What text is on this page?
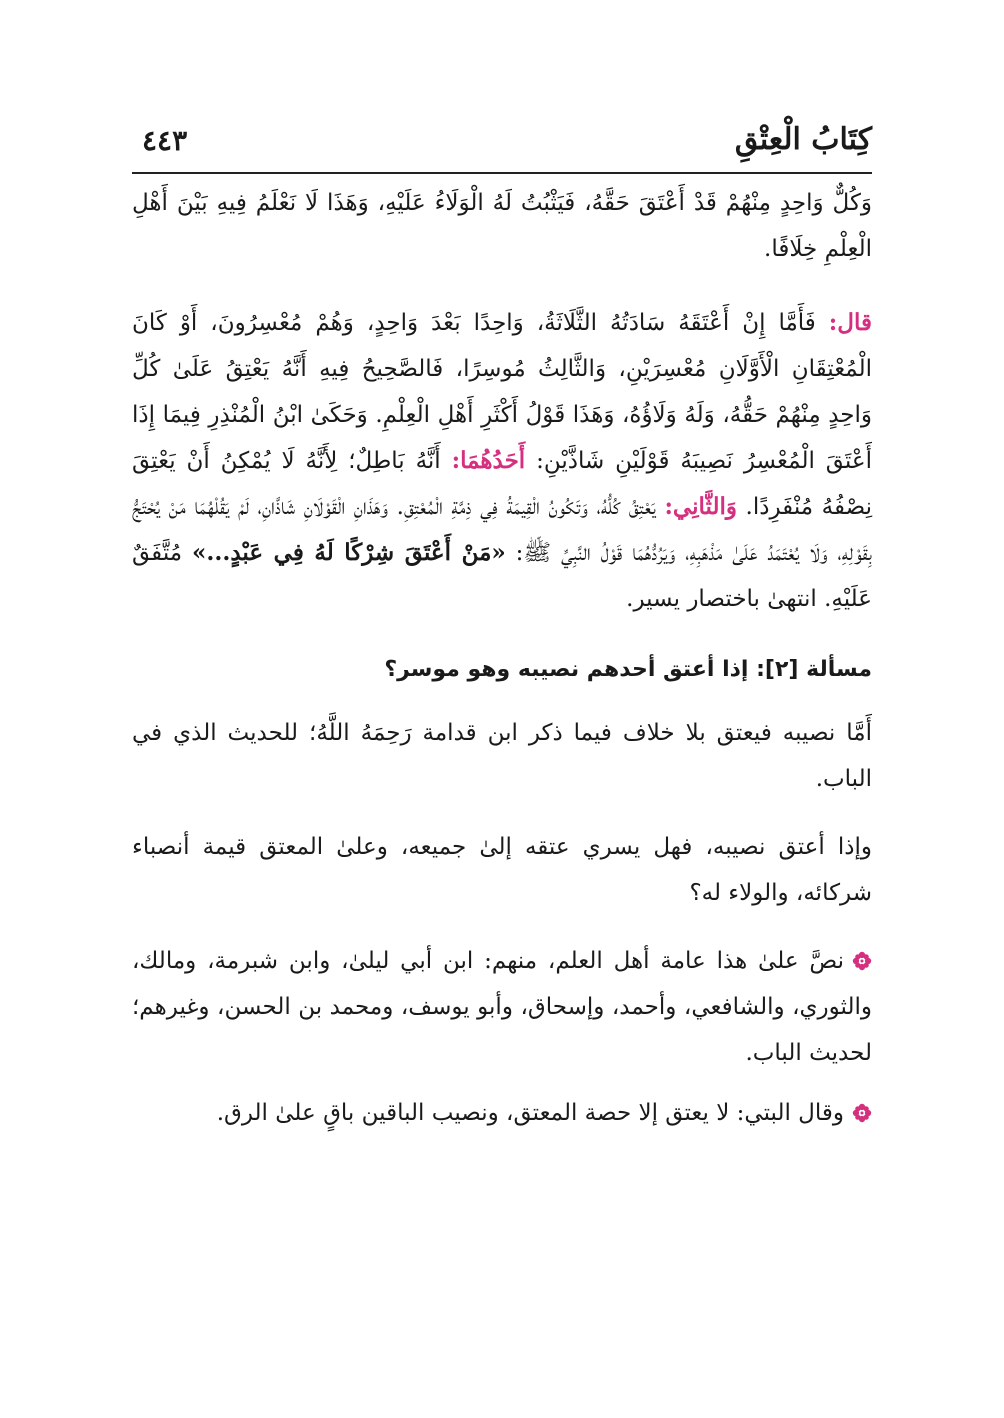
٤٤٣	كِتَابُ الْعِتْقِ

وَكُلٌّ وَاحِدٍ مِنْهُمْ قَدْ أَعْتَقَ حَقَّهُ، فَيَثْبُتُ لَهُ الْوَلَاءُ عَلَيْهِ، وَهَذَا لَا نَعْلَمُ فِيهِ بَيْنَ أَهْلِ الْعِلْمِ خِلَافًا.

قال: فَأَمَّا إِنْ أَعْتَقَهُ سَادَتُهُ الثَّلَاثَةُ، وَاحِدًا بَعْدَ وَاحِدٍ، وَهُمْ مُعْسِرُونَ، أَوْ كَانَ الْمُعْتِقَانِ الْأَوَّلَانِ مُعْسِرَيْنِ، وَالثَّالِثُ مُوسِرًا، فَالصَّحِيحُ فِيهِ أَنَّهُ يَعْتِقُ عَلَىٰ كُلِّ وَاحِدٍ مِنْهُمْ حَقُّهُ، وَلَهُ وَلَاؤُهُ، وَهَذَا قَوْلُ أَكْثَرِ أَهْلِ الْعِلْمِ. وَحَكَىٰ ابْنُ الْمُنْذِرِ فِيمَا إِذَا أَعْتَقَ الْمُعْسِرُ نَصِيبَهُ قَوْلَيْنِ شَاذَّيْنِ: أَحَدُهُمَا: أَنَّهُ بَاطِلٌ؛ لِأَنَّهُ لَا يُمْكِنُ أَنْ يَعْتِقَ نِصْفُهُ مُنْفَرِدًا. وَالثَّانِي: يَعْتِقُ كُلُّهُ، وَتَكُونُ الْقِيمَةُ فِي ذِمَّةِ الْمُعْتِقِ. وَهَذَانِ الْقَوْلَانِ شَاذَّانِ، لَمْ يَقُلْهُمَا مَنْ يُحْتَجُّ بِقَوْلِهِ، وَلَا يُعْتَمَدُ عَلَىٰ مَذْهَبِهِ، وَيَرُدُّهُمَا قَوْلُ النَّبِيِّ ﷺ: «مَنْ أَعْتَقَ شِرْكًا لَهُ فِي عَبْدٍ...» مُتَّفَقٌ عَلَيْهِ. انتهىٰ باختصار يسير.

مسألة [٢]: إذا أعتق أحدهم نصيبه وهو موسر؟

أَمَّا نصيبه فيعتق بلا خلاف فيما ذكر ابن قدامة رَحِمَهُ اللَّهُ؛ للحديث الذي في الباب.

وإذا أعتق نصيبه، فهل يسري عتقه إلىٰ جميعه، وعلىٰ المعتق قيمة أنصباء شركائه، والولاء له؟

نصَّ علىٰ هذا عامة أهل العلم، منهم: ابن أبي ليلىٰ، وابن شبرمة، ومالك، والثوري، والشافعي، وأحمد، وإسحاق، وأبو يوسف، ومحمد بن الحسن، وغيرهم؛ لحديث الباب.

وقال البتي: لا يعتق إلا حصة المعتق، ونصيب الباقين باقٍ علىٰ الرق.
